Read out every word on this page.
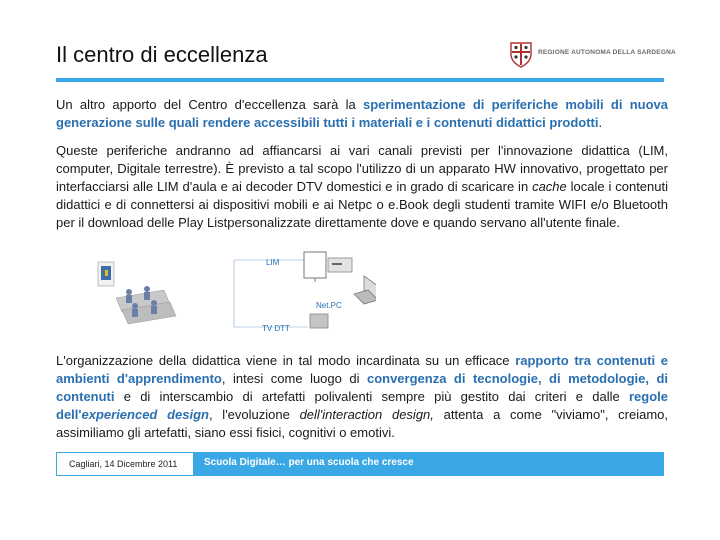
Il centro di eccellenza	REGIONE AUTONOMA DELLA SARDEGNA

Un altro apporto del Centro d'eccellenza sarà la sperimentazione di periferiche mobili di nuova generazione sulle quali rendere accessibili tutti i materiali e i contenuti didattici prodotti.

Queste periferiche andranno ad affiancarsi ai vari canali previsti per l'innovazione didattica (LIM, computer, Digitale terrestre). È previsto a tal scopo l'utilizzo di un apparato HW innovativo, progettato per interfacciarsi alle LIM d'aula e ai decoder DTV domestici e in grado di scaricare in cache locale i contenuti didattici e di connettersi ai dispositivi mobili e ai Netpc o e.Book degli studenti tramite WIFI e/o Bluetooth per il download delle Play Listpersonalizzate direttamente dove e quando servano all'utente finale.

LIM
Net.PC
TV DTT

L'organizzazione della didattica viene in tal modo incardinata su un efficace rapporto tra contenuti e ambienti d'apprendimento, intesi come luogo di convergenza di tecnologie, di metodologie, di contenuti e di interscambio di artefatti polivalenti sempre più gestito dai criteri e dalle regole dell'experienced design, l'evoluzione dell'interaction design, attenta a come "viviamo", creiamo, assimiliamo gli artefatti, siano essi fisici, cognitivi o emotivi.

Cagliari, 14 Dicembre 2011	Scuola Digitale… per una scuola che cresce
